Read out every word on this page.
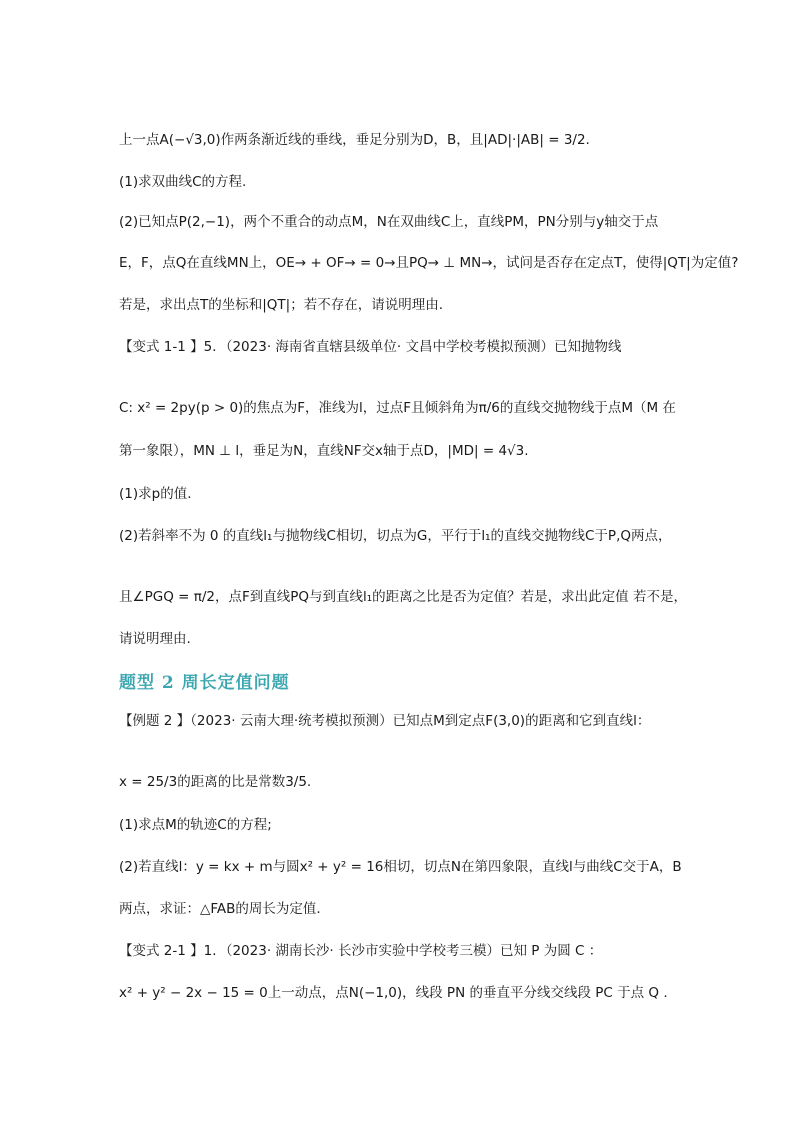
上一点A(−√3,0)作两条渐近线的垂线，垂足分别为D，B，且|AD|·|AB| = 3/2.
(1)求双曲线C的方程.
(2)已知点P(2,−1)，两个不重合的动点M，N在双曲线C上，直线PM，PN分别与y轴交于点
E，F，点Q在直线MN上，OE→ + OF→ = 0→且PQ→ ⊥ MN→，试问是否存在定点T，使得|QT|为定值?
若是，求出点T的坐标和|QT|；若不存在，请说明理由.
【变式 1-1 】5．（2023· 海南省直辖县级单位· 文昌中学校考模拟预测）已知抛物线
C: x² = 2py(p > 0)的焦点为F，准线为l，过点F且倾斜角为π/6的直线交抛物线于点M（M 在
第一象限），MN ⊥ l，垂足为N，直线NF交x轴于点D，|MD| = 4√3.
(1)求p的值.
(2)若斜率不为 0 的直线l₁与抛物线C相切，切点为G，平行于l₁的直线交抛物线C于P,Q两点，
且∠PGQ = π/2，点F到直线PQ与到直线l₁的距离之比是否为定值？若是，求出此定值 若不是，
请说明理由.
题型 2 周长定值问题
【例题 2 】（2023· 云南大理·统考模拟预测）已知点M到定点F(3,0)的距离和它到直线l：
x = 25/3的距离的比是常数3/5.
(1)求点M的轨迹C的方程;
(2)若直线l：y = kx + m与圆x² + y² = 16相切，切点N在第四象限，直线l与曲线C交于A，B
两点，求证：△FAB的周长为定值.
【变式 2-1 】1．（2023· 湖南长沙· 长沙市实验中学校考三模）已知 P 为圆 C ：
x² + y² − 2x − 15 = 0上一动点，点N(−1,0)，线段 PN 的垂直平分线交线段 PC 于点 Q .
